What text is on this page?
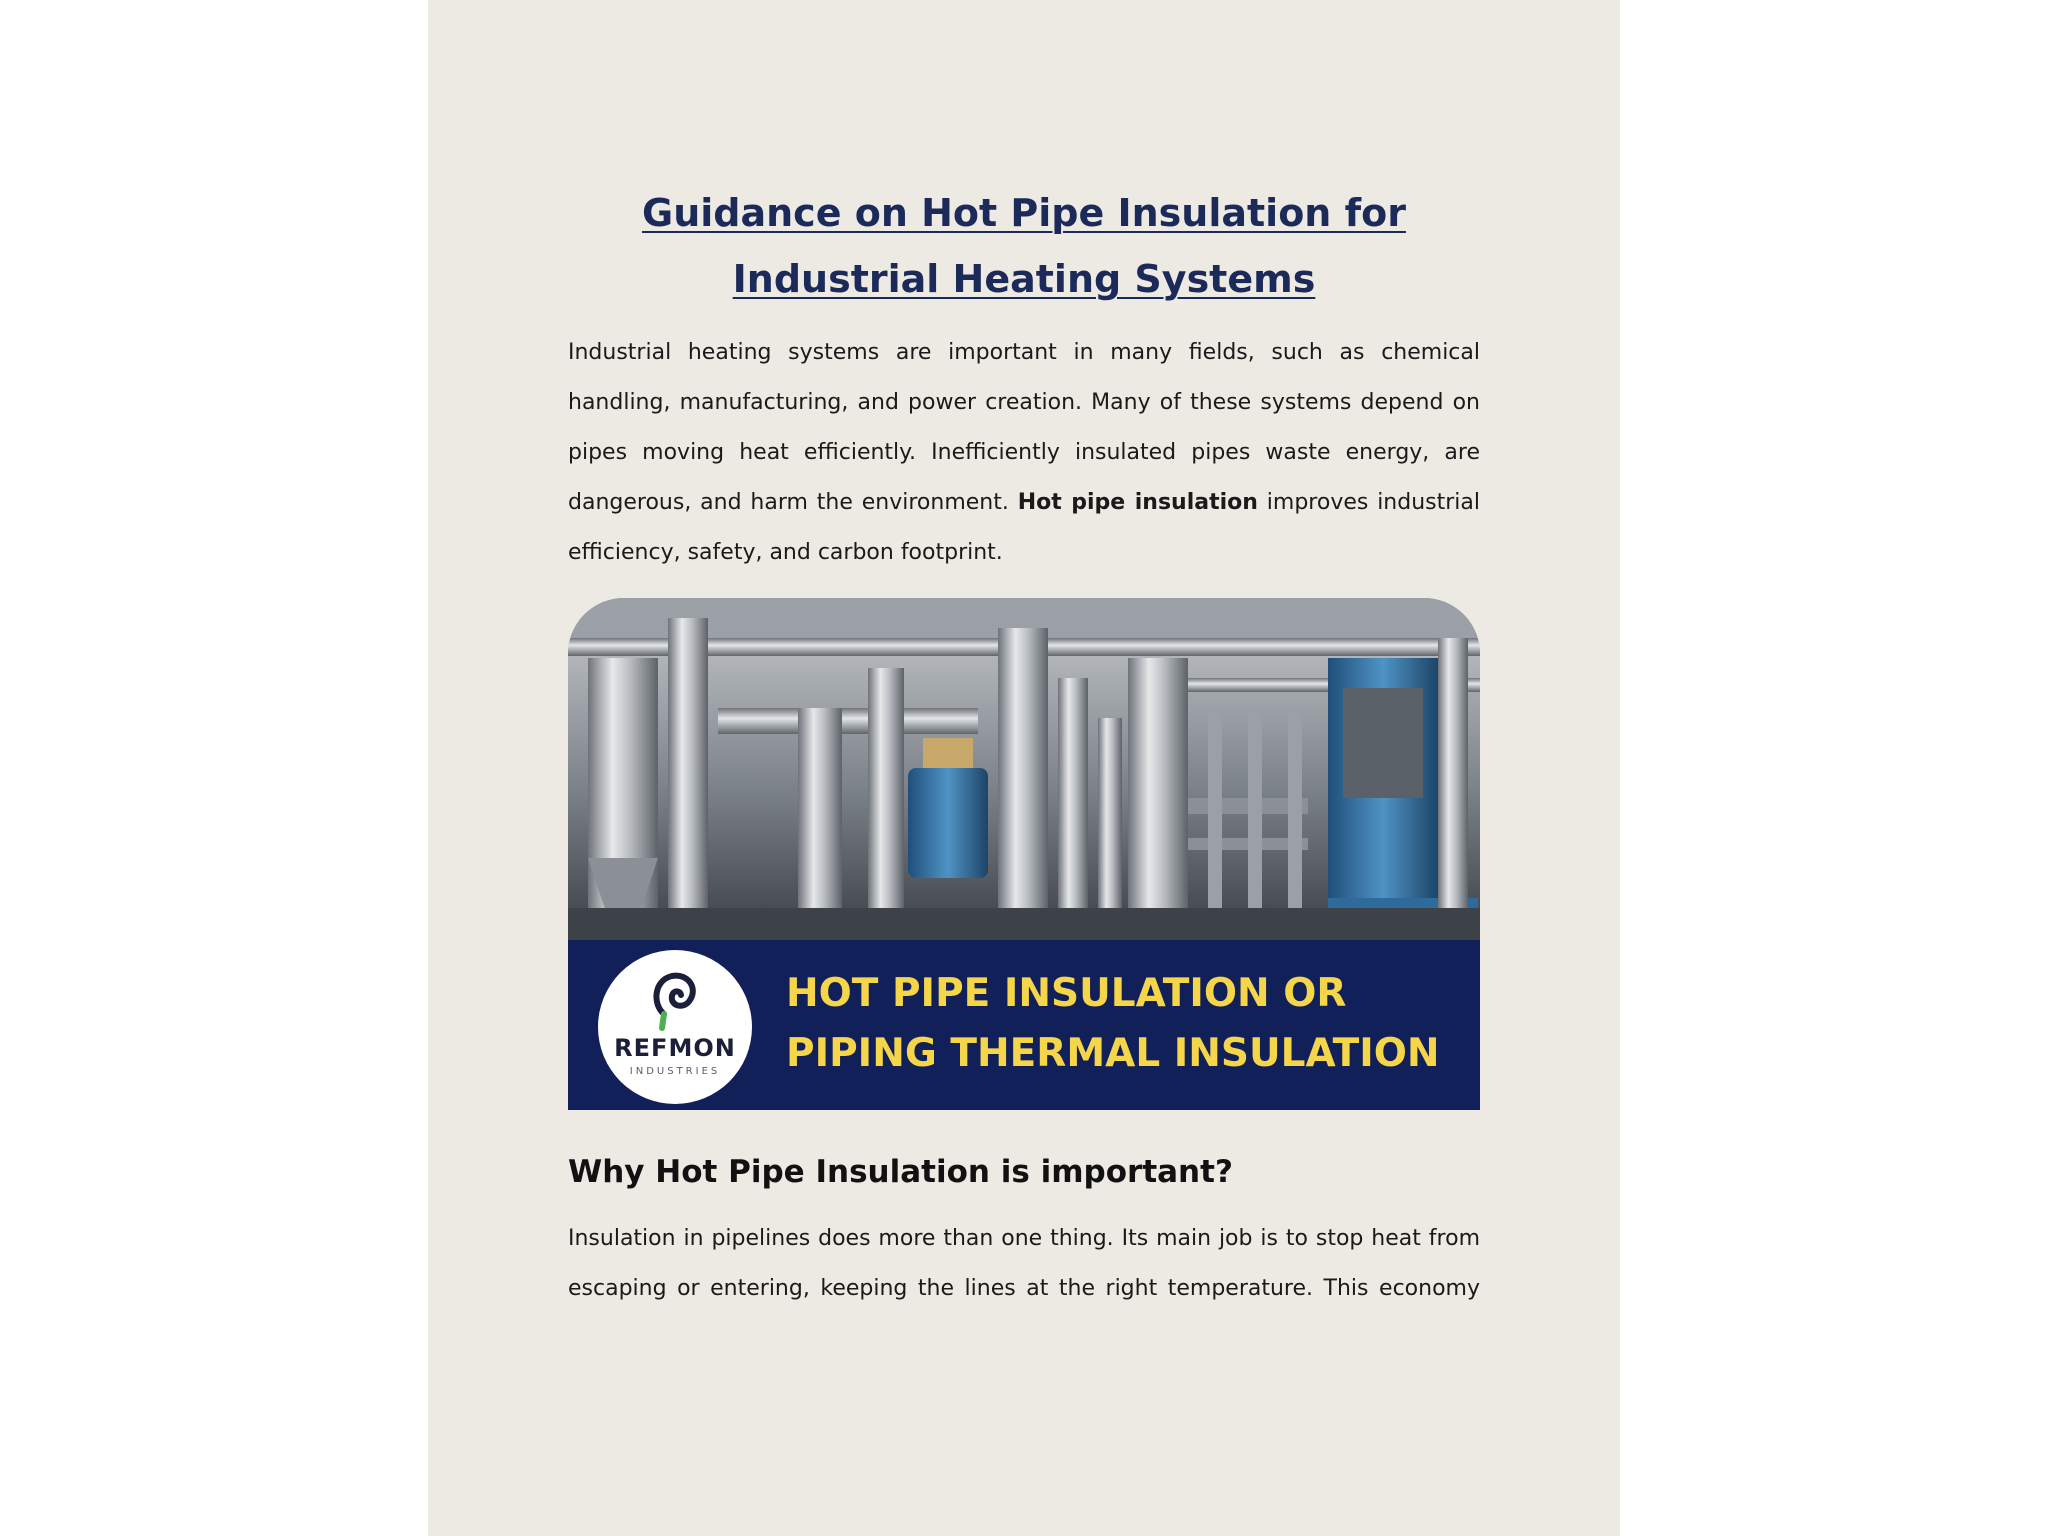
Guidance on Hot Pipe Insulation for Industrial Heating Systems

Industrial heating systems are important in many fields, such as chemical handling, manufacturing, and power creation. Many of these systems depend on pipes moving heat efficiently. Inefficiently insulated pipes waste energy, are dangerous, and harm the environment. Hot pipe insulation improves industrial efficiency, safety, and carbon footprint.

REFMON
INDUSTRIES
HOT PIPE INSULATION OR
PIPING THERMAL INSULATION
Why Hot Pipe Insulation is important?

Insulation in pipelines does more than one thing. Its main job is to stop heat from escaping or entering, keeping the lines at the right temperature. This economy
